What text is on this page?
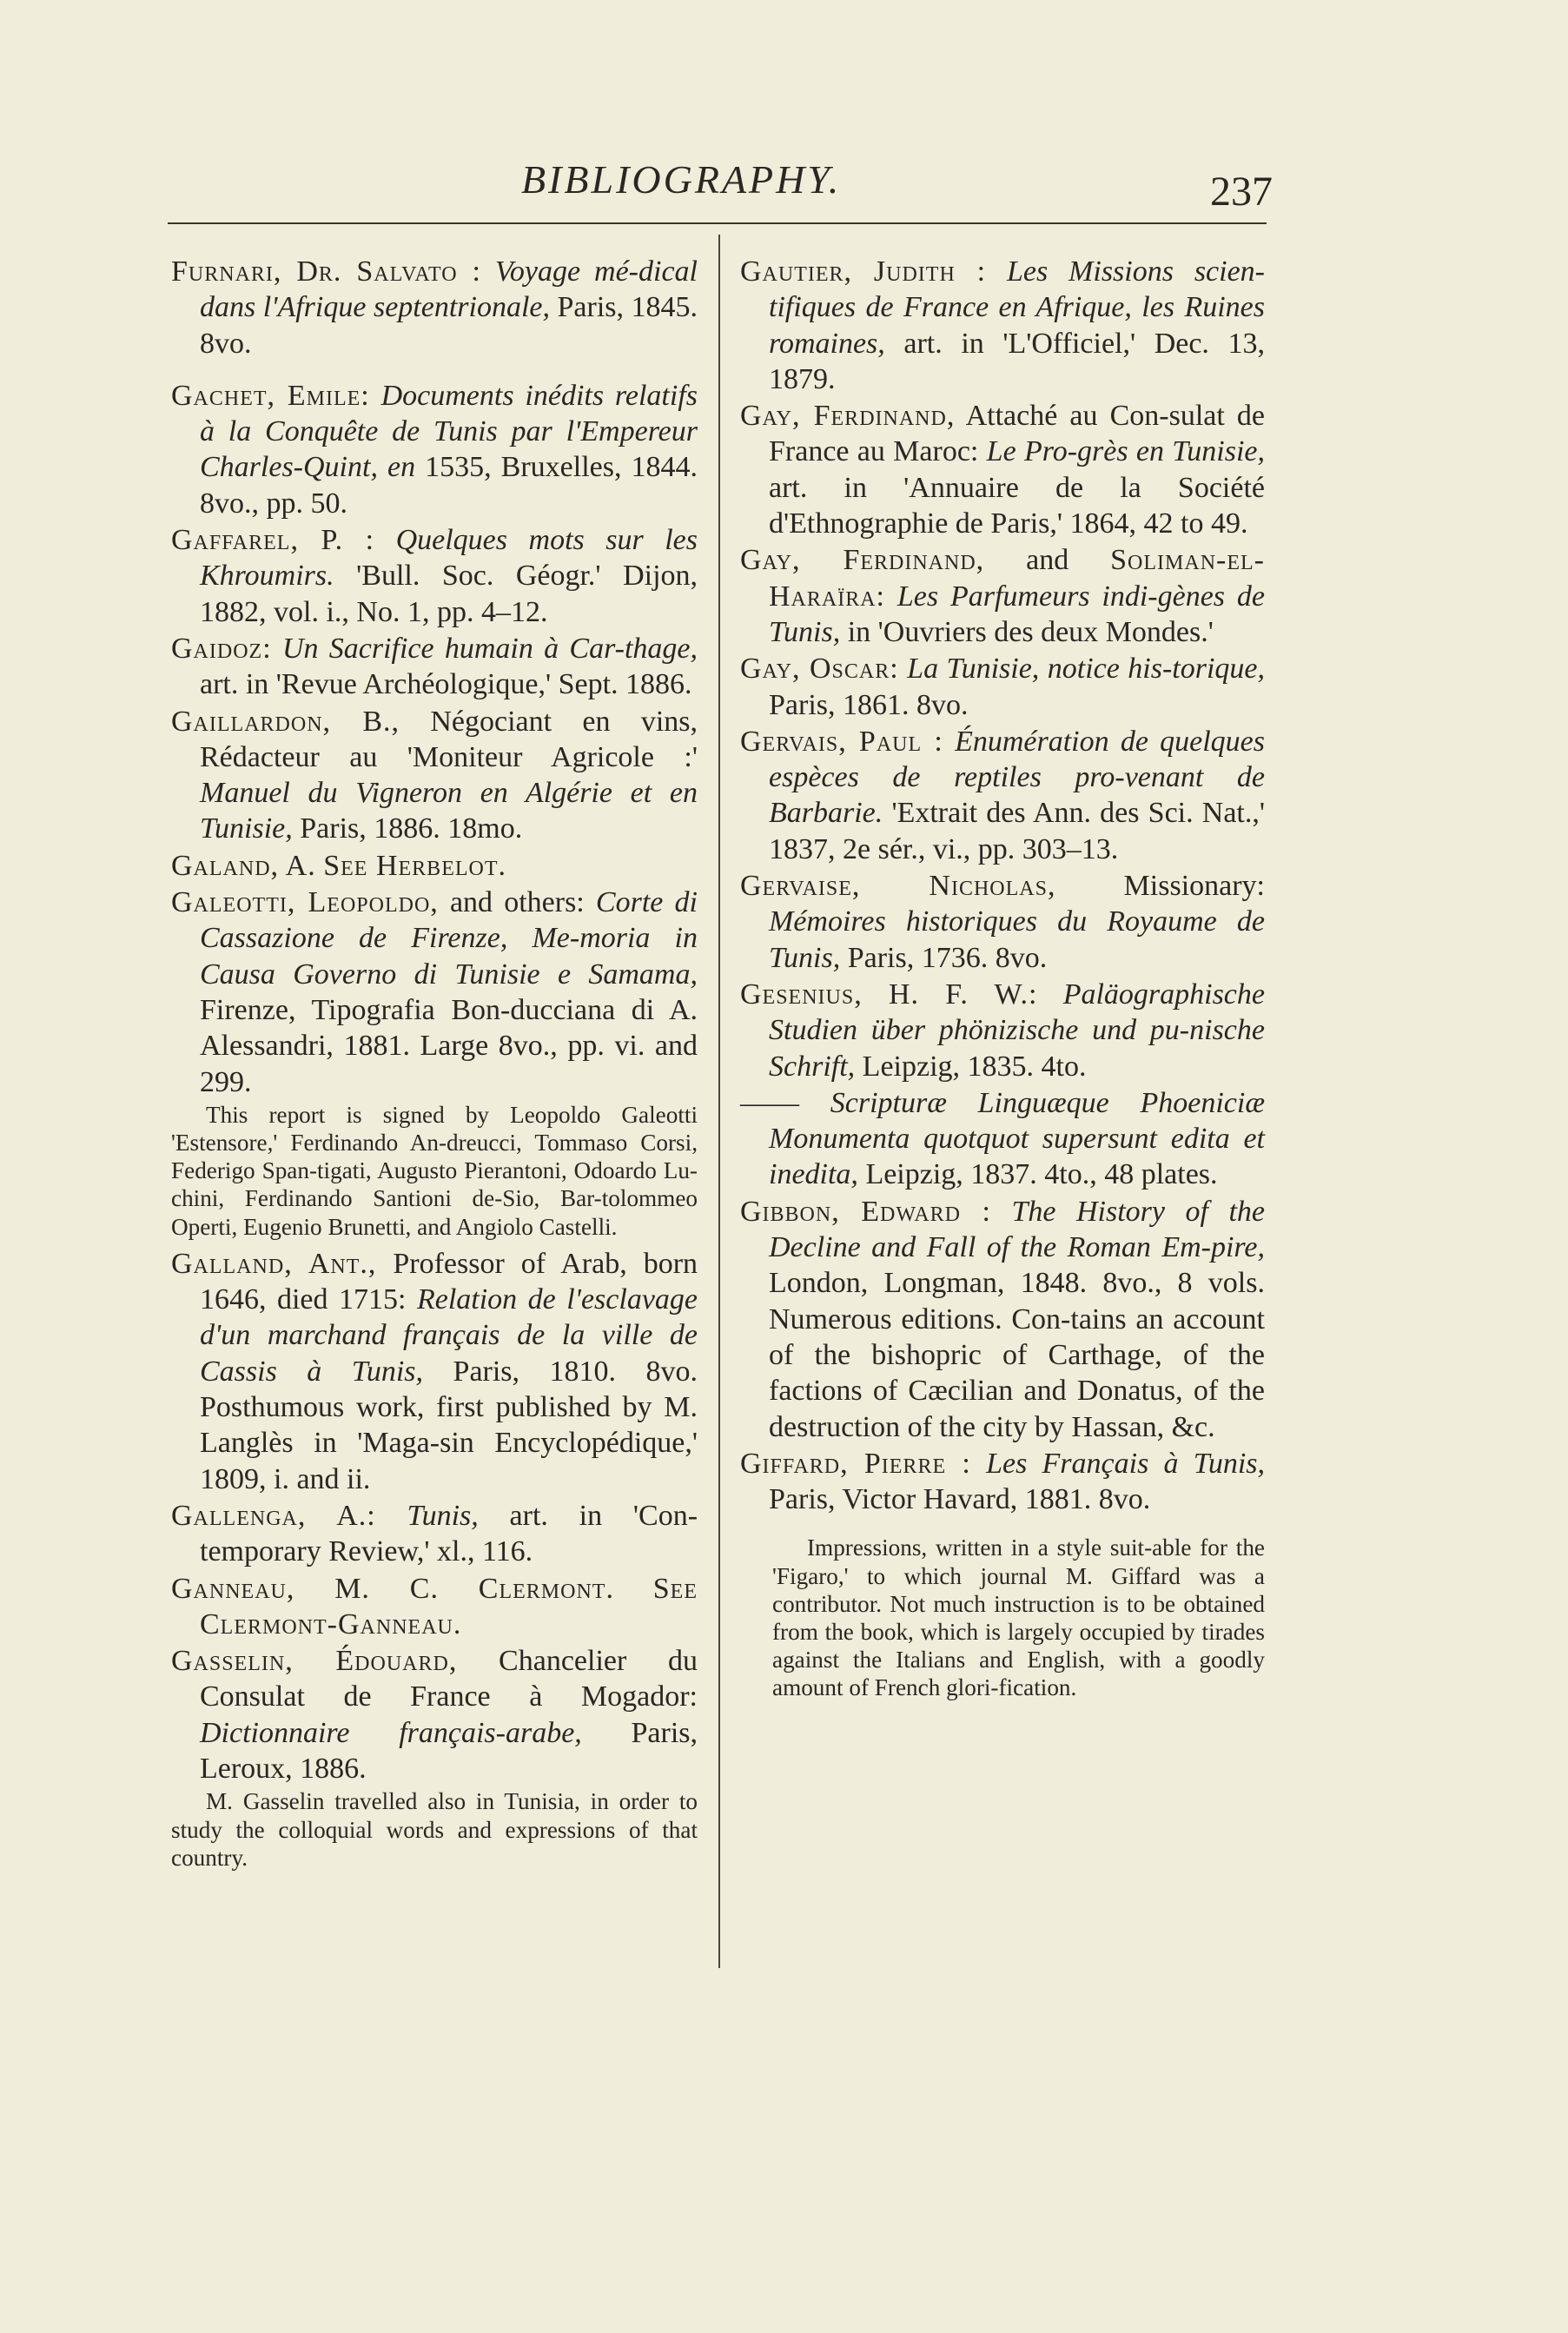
BIBLIOGRAPHY.	237

Furnari, Dr. Salvato : Voyage mé-dical dans l'Afrique septentrionale, Paris, 1845. 8vo.

Gachet, Emile: Documents inédits relatifs à la Conquête de Tunis par l'Empereur Charles-Quint, en 1535, Bruxelles, 1844. 8vo., pp. 50.

Gaffarel, P. : Quelques mots sur les Khroumirs. 'Bull. Soc. Géogr.' Dijon, 1882, vol. i., No. 1, pp. 4–12.

Gaidoz: Un Sacrifice humain à Car-thage, art. in 'Revue Archéologique,' Sept. 1886.

Gaillardon, B., Négociant en vins, Rédacteur au 'Moniteur Agricole :' Manuel du Vigneron en Algérie et en Tunisie, Paris, 1886. 18mo.

Galand, A. See Herbelot.

Galeotti, Leopoldo, and others: Corte di Cassazione de Firenze, Me-moria in Causa Governo di Tunisie e Samama, Firenze, Tipografia Bon-ducciana di A. Alessandri, 1881. Large 8vo., pp. vi. and 299.

This report is signed by Leopoldo Galeotti 'Estensore,' Ferdinando An-dreucci, Tommaso Corsi, Federigo Span-tigati, Augusto Pierantoni, Odoardo Lu-chini, Ferdinando Santioni de-Sio, Bar-tolommeo Operti, Eugenio Brunetti, and Angiolo Castelli.

Galland, Ant., Professor of Arab, born 1646, died 1715: Relation de l'esclavage d'un marchand français de la ville de Cassis à Tunis, Paris, 1810. 8vo. Posthumous work, first published by M. Langlès in 'Maga-sin Encyclopédique,' 1809, i. and ii.

Gallenga, A.: Tunis, art. in 'Con-temporary Review,' xl., 116.

Ganneau, M. C. Clermont. See Clermont-Ganneau.

Gasselin, Édouard, Chancelier du Consulat de France à Mogador: Dictionnaire français-arabe, Paris, Leroux, 1886.

M. Gasselin travelled also in Tunisia, in order to study the colloquial words and expressions of that country.

Gautier, Judith : Les Missions scien-tifiques de France en Afrique, les Ruines romaines, art. in 'L'Officiel,' Dec. 13, 1879.

Gay, Ferdinand, Attaché au Con-sulat de France au Maroc: Le Pro-grès en Tunisie, art. in 'Annuaire de la Société d'Ethnographie de Paris,' 1864, 42 to 49.

Gay, Ferdinand, and Soliman-el-Haraïra: Les Parfumeurs indi-gènes de Tunis, in 'Ouvriers des deux Mondes.'

Gay, Oscar: La Tunisie, notice his-torique, Paris, 1861. 8vo.

Gervais, Paul : Énumération de quelques espèces de reptiles pro-venant de Barbarie. 'Extrait des Ann. des Sci. Nat.,' 1837, 2e sér., vi., pp. 303–13.

Gervaise, Nicholas, Missionary: Mémoires historiques du Royaume de Tunis, Paris, 1736. 8vo.

Gesenius, H. F. W.: Paläographische Studien über phönizische und pu-nische Schrift, Leipzig, 1835. 4to.

—— Scripturæ Linguæque Phoeniciæ Monumenta quotquot supersunt edita et inedita, Leipzig, 1837. 4to., 48 plates.

Gibbon, Edward : The History of the Decline and Fall of the Roman Em-pire, London, Longman, 1848. 8vo., 8 vols. Numerous editions. Con-tains an account of the bishopric of Carthage, of the factions of Cæcilian and Donatus, of the destruction of the city by Hassan, &c.

Giffard, Pierre : Les Français à Tunis, Paris, Victor Havard, 1881. 8vo.

Impressions, written in a style suit-able for the 'Figaro,' to which journal M. Giffard was a contributor. Not much instruction is to be obtained from the book, which is largely occupied by tirades against the Italians and English, with a goodly amount of French glori-fication.
